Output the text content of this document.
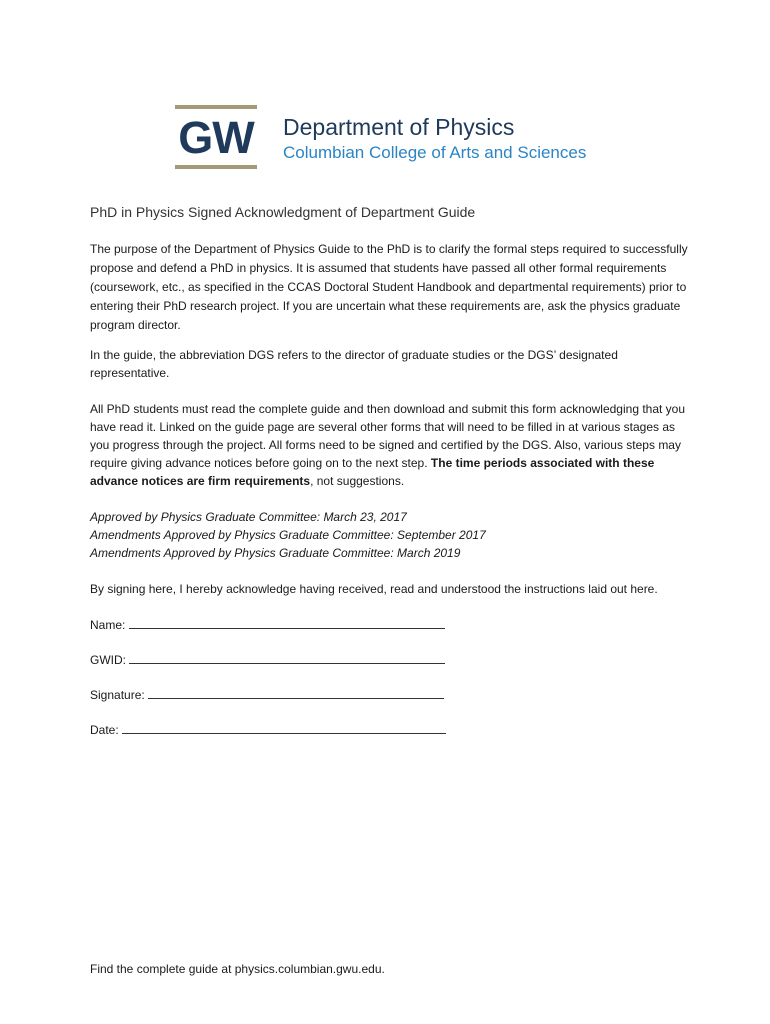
GW Department of Physics
Columbian College of Arts and Sciences
PhD in Physics Signed Acknowledgment of Department Guide

The purpose of the Department of Physics Guide to the PhD is to clarify the formal steps required to successfully propose and defend a PhD in physics. It is assumed that students have passed all other formal requirements (coursework, etc., as specified in the CCAS Doctoral Student Handbook and departmental requirements) prior to entering their PhD research project. If you are uncertain what these requirements are, ask the physics graduate program director.

In the guide, the abbreviation DGS refers to the director of graduate studies or the DGS’ designated representative.

All PhD students must read the complete guide and then download and submit this form acknowledging that you have read it. Linked on the guide page are several other forms that will need to be filled in at various stages as you progress through the project. All forms need to be signed and certified by the DGS. Also, various steps may require giving advance notices before going on to the next step. The time periods associated with these advance notices are firm requirements, not suggestions.

Approved by Physics Graduate Committee: March 23, 2017
Amendments Approved by Physics Graduate Committee: September 2017
Amendments Approved by Physics Graduate Committee: March 2019

By signing here, I hereby acknowledge having received, read and understood the instructions laid out here.

Name:
GWID:
Signature:
Date:
Find the complete guide at physics.columbian.gwu.edu.
